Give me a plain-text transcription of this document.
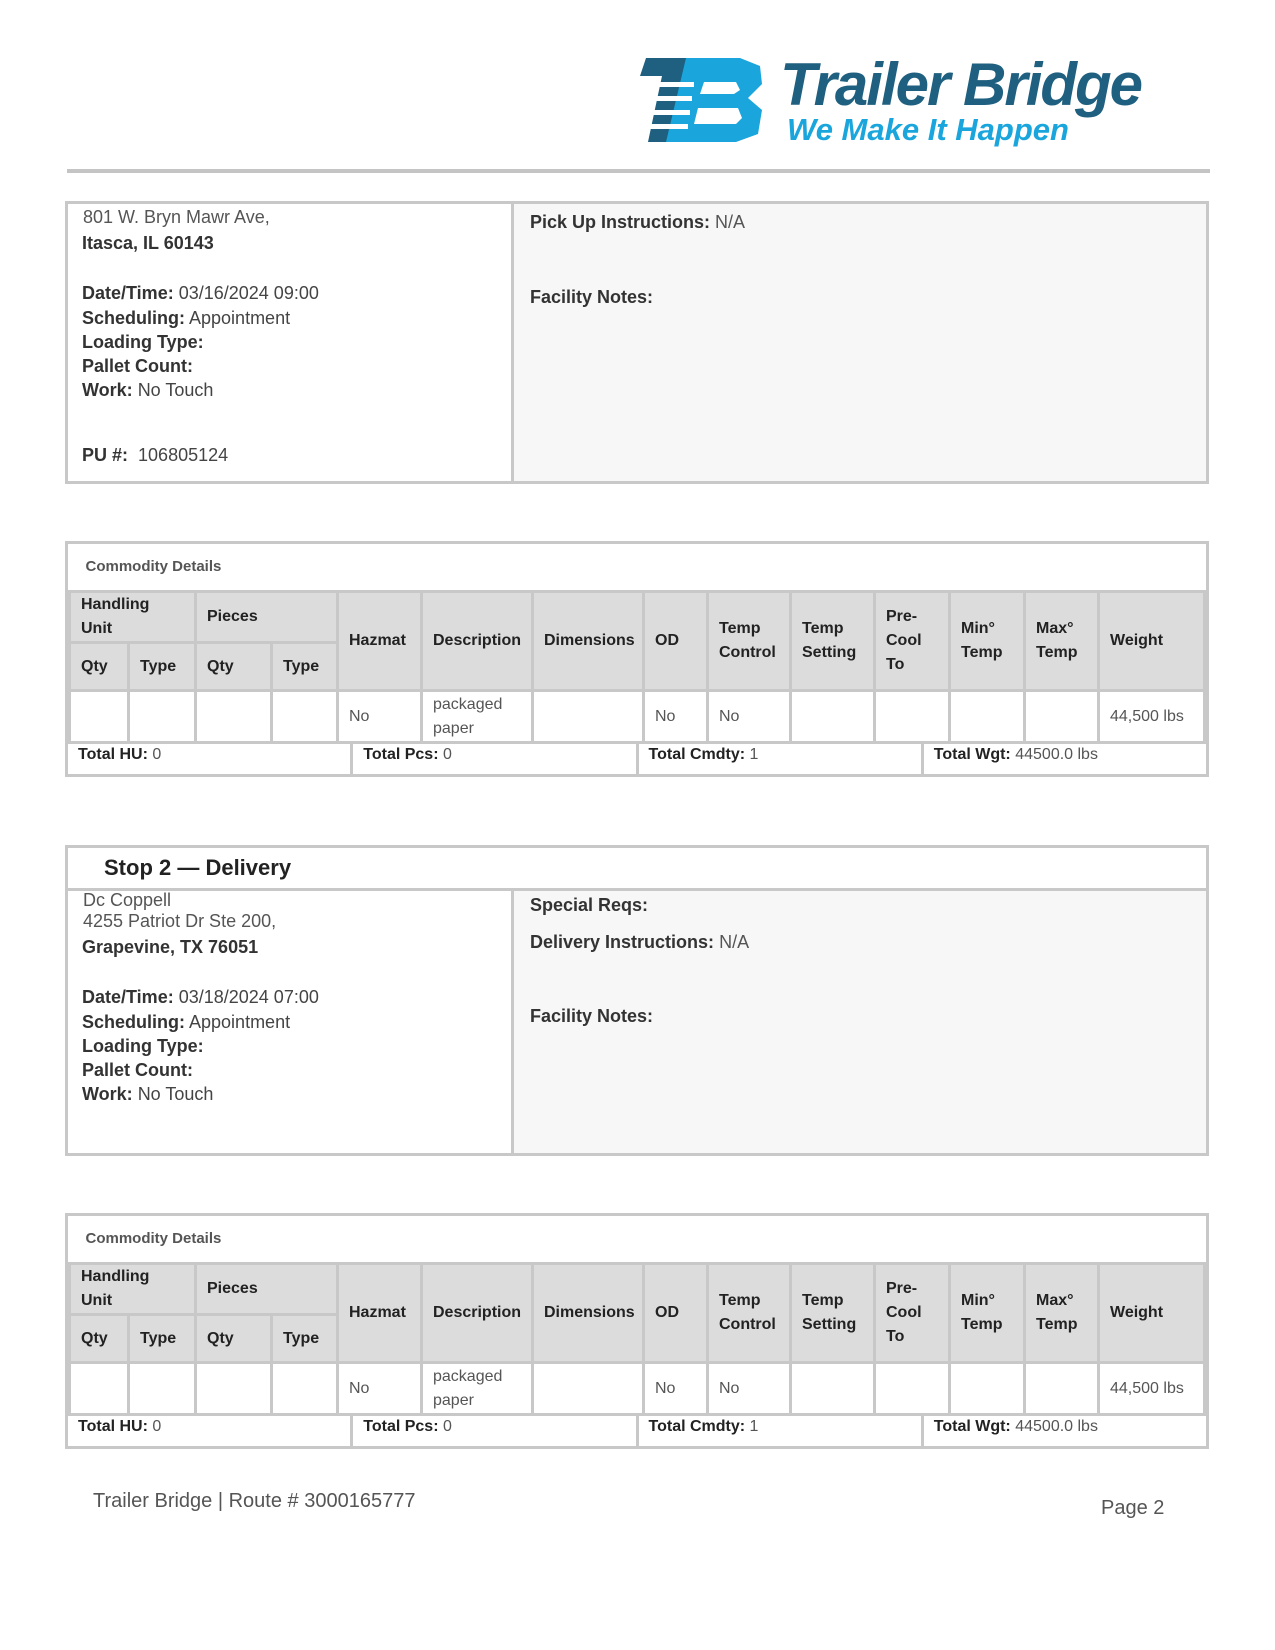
Trailer Bridge
We Make It Happen
801 W. Bryn Mawr Ave,
Itasca, IL 60143
Date/Time: 03/16/2024 09:00
Scheduling: Appointment
Loading Type:
Pallet Count:
Work: No Touch
PU #: 106805124
Pick Up Instructions: N/A
Facility Notes:
Commodity Details													
Handling Unit		Pieces		Hazmat	Description	Dimensions	OD	Temp Control	Temp Setting	Pre-Cool To	Min° Temp	Max° Temp	Weight
Qty	Type	Qty	Type										
				No	packaged paper		No	No					44,500 lbs
Total HU: 0	Total Pcs: 0	Total Cmdty: 1	Total Wgt: 44500.0 lbs
Stop 2 — Delivery
Dc Coppell
4255 Patriot Dr Ste 200,
Grapevine, TX 76051
Date/Time: 03/18/2024 07:00
Scheduling: Appointment
Loading Type:
Pallet Count:
Work: No Touch
Special Reqs:
Delivery Instructions: N/A
Facility Notes:
Commodity Details													
Handling Unit		Pieces		Hazmat	Description	Dimensions	OD	Temp Control	Temp Setting	Pre-Cool To	Min° Temp	Max° Temp	Weight
Qty	Type	Qty	Type										
				No	packaged paper		No	No					44,500 lbs
Total HU: 0	Total Pcs: 0	Total Cmdty: 1	Total Wgt: 44500.0 lbs
Trailer Bridge | Route # 3000165777	Page 2
